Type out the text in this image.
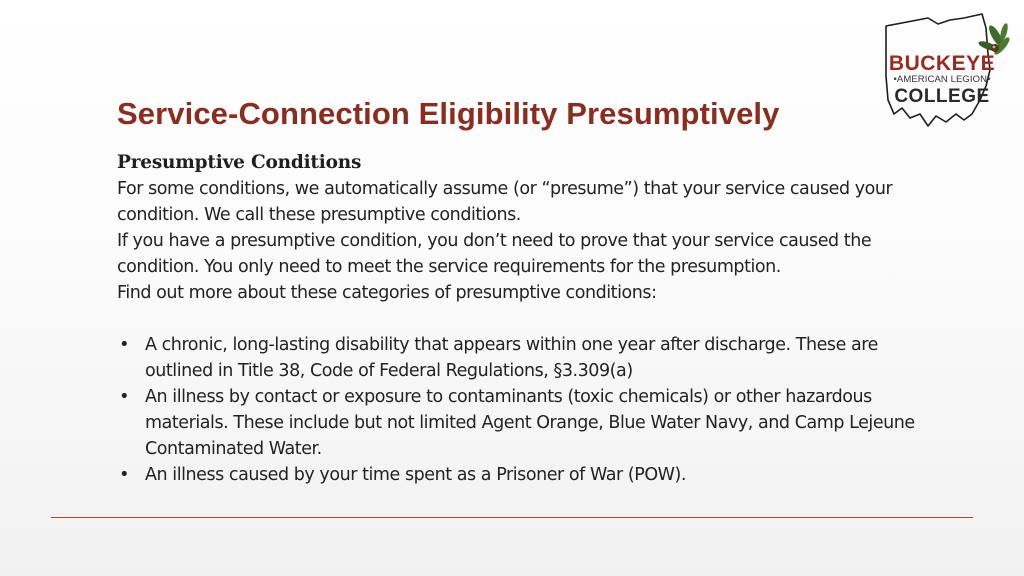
BUCKEYE
•AMERICAN LEGION•
COLLEGE
Service-Connection Eligibility Presumptively

Presumptive Conditions

For some conditions, we automatically assume (or “presume”) that your service caused your condition. We call these presumptive conditions.

If you have a presumptive condition, you don’t need to prove that your service caused the condition. You only need to meet the service requirements for the presumption.

Find out more about these categories of presumptive conditions:

• A chronic, long-lasting disability that appears within one year after discharge. These are outlined in Title 38, Code of Federal Regulations, §3.309(a)
• An illness by contact or exposure to contaminants (toxic chemicals) or other hazardous materials. These include but not limited Agent Orange, Blue Water Navy, and Camp Lejeune Contaminated Water.
• An illness caused by your time spent as a Prisoner of War (POW).
